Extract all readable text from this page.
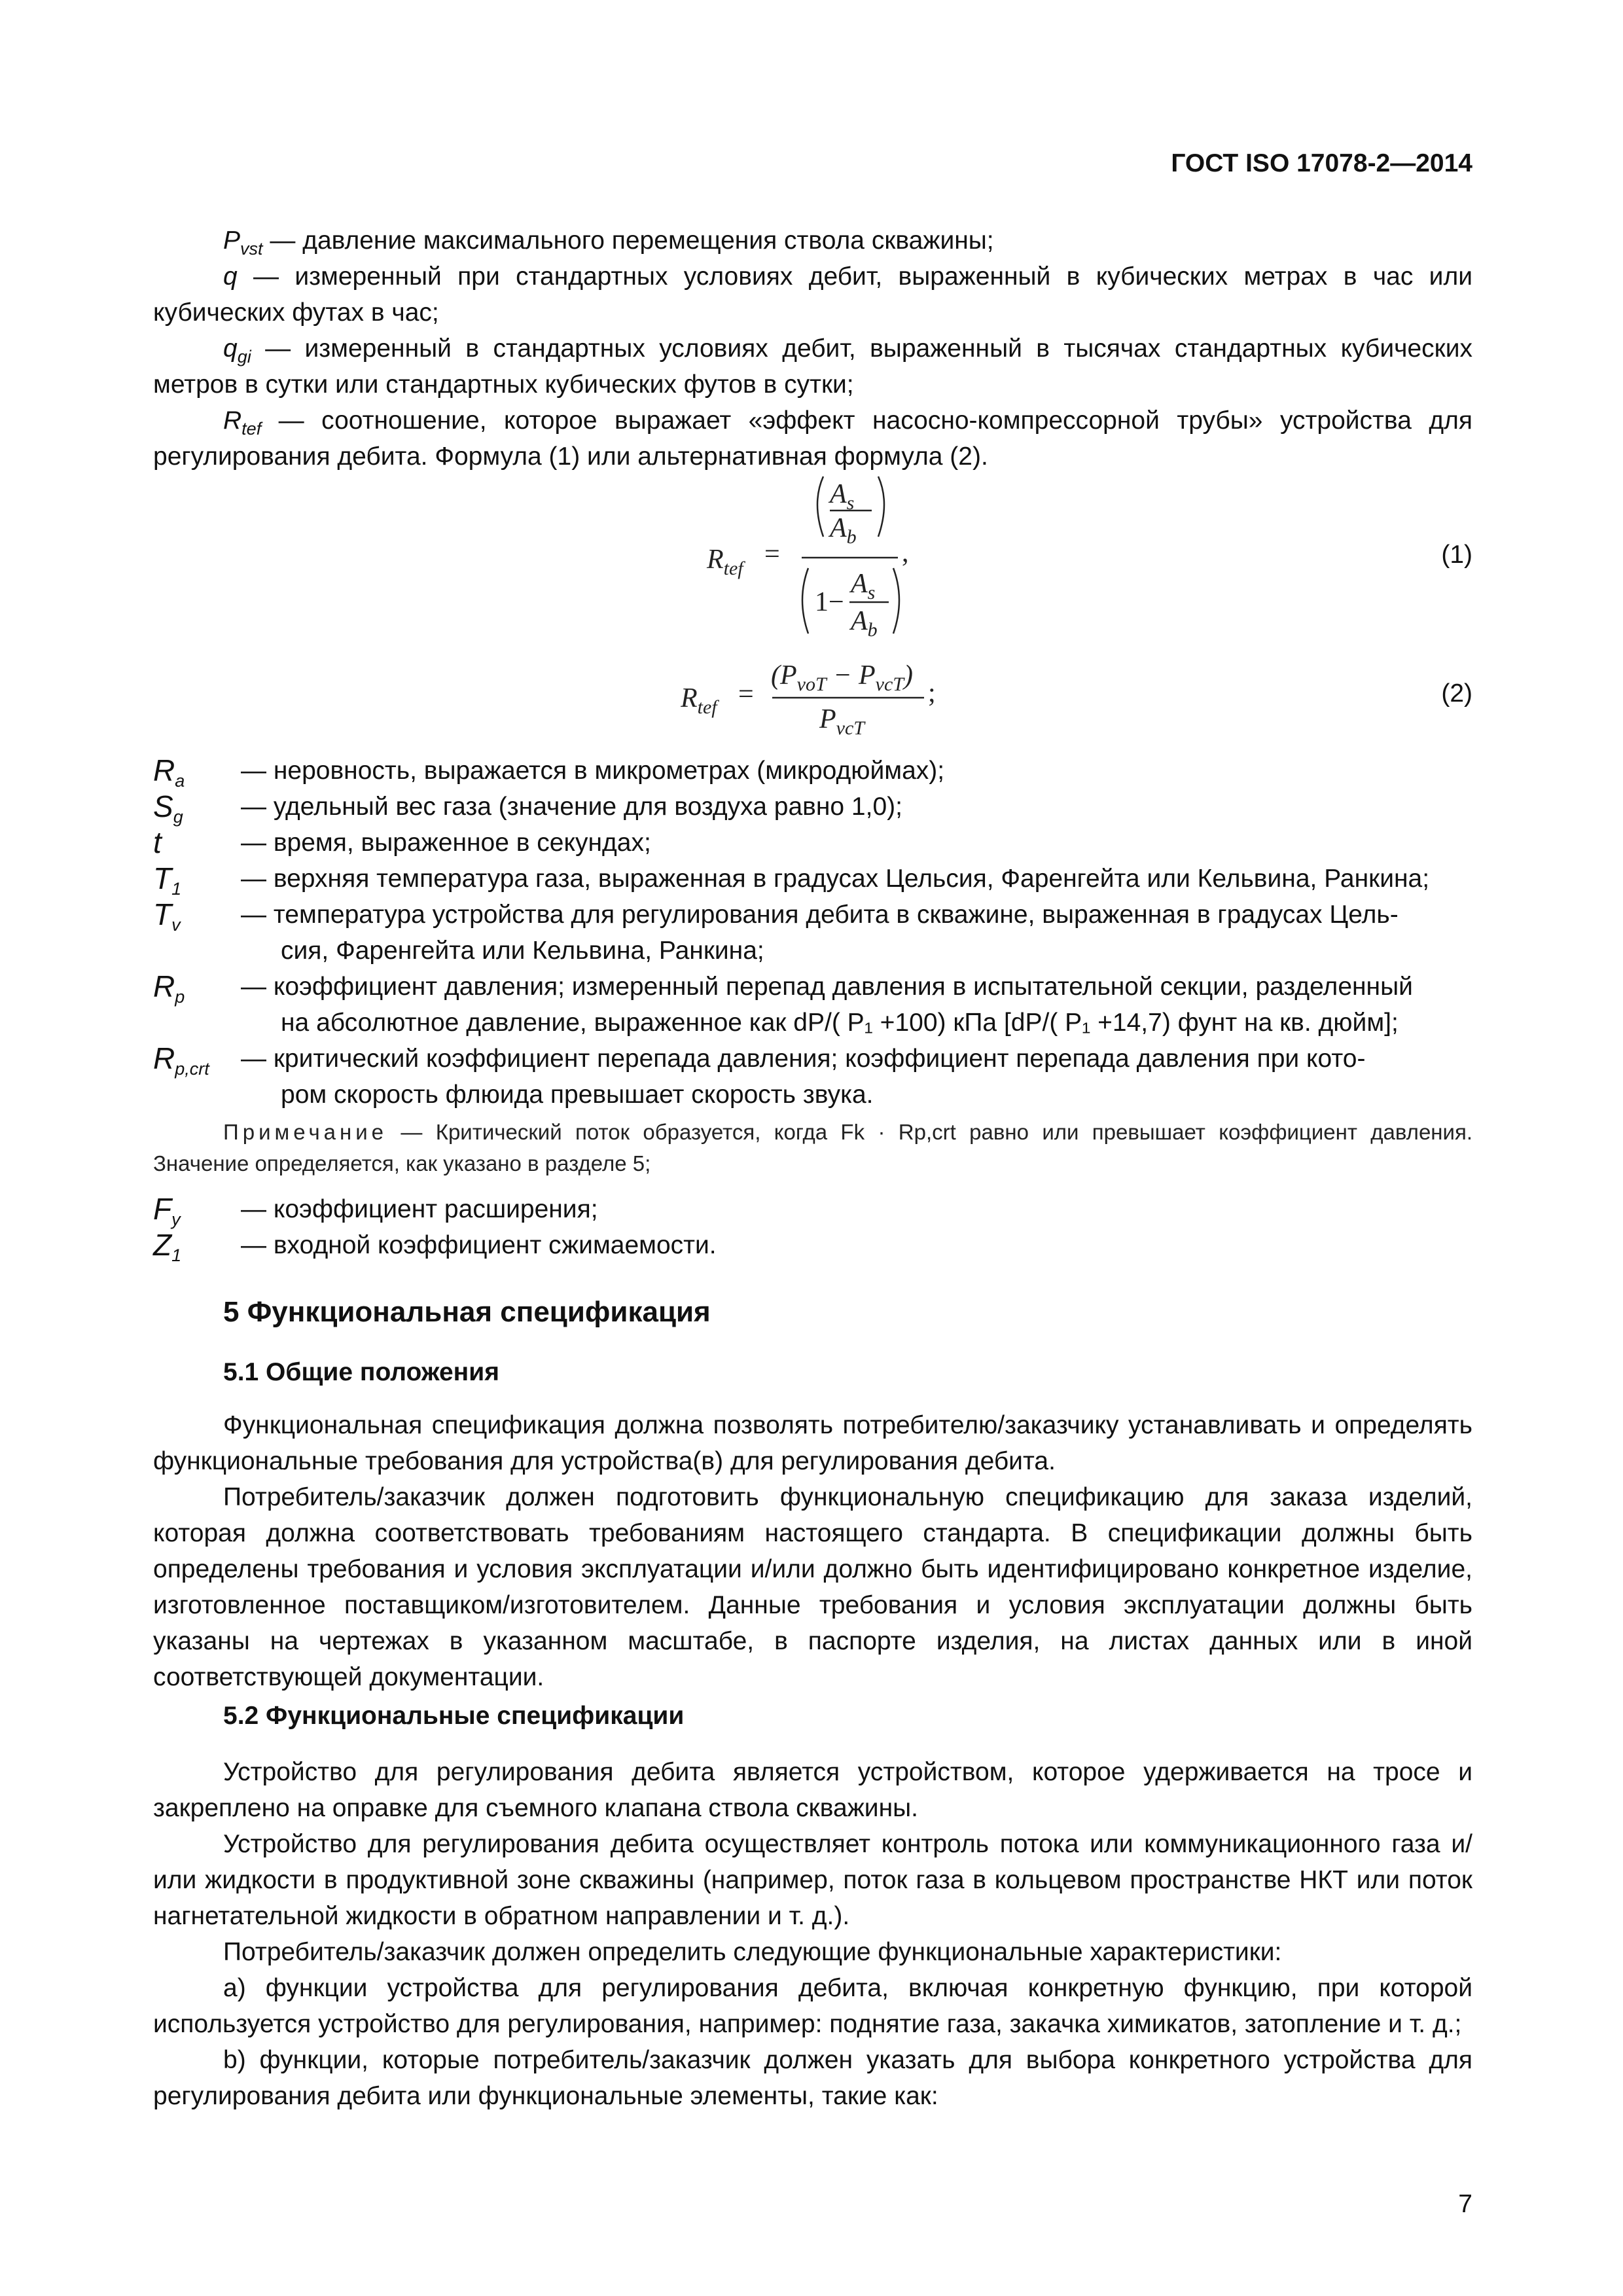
ГОСТ ISO 17078-2—2014

$P_{vst}$ — давление максимального перемещения ствола скважины;

q — измеренный при стандартных условиях дебит, выраженный в кубических метрах в час или кубических футах в час;

$q_{gi}$ — измеренный в стандартных условиях дебит, выраженный в тысячах стандартных кубических метров в сутки или стандартных кубических футов в сутки;

$R_{tef}$ — соотношение, которое выражает «эффект насосно-компрессорной трубы» устройства для регулирования дебита. Формула (1) или альтернативная формула (2).

$R_{tef}$ =
$A_s$
$A_b$
,
1−
$A_s$
$A_b$
(1)
$R_{tef}$ =
$(P_{voT} - P_{vcT})$
;
$P_{vcT}$
(2)
$R_a$	— неровность, выражается в микрометрах (микродюймах);
$S_g$	— удельный вес газа (значение для воздуха равно 1,0);
t	— время, выраженное в секундах;
$T_1$	— верхняя температура газа, выраженная в градусах Цельсия, Фаренгейта или Кельвина, Ранкина;
$T_v$	— температура устройства для регулирования дебита в скважине, выраженная в градусах Цель-
сия, Фаренгейта или Кельвина, Ранкина;
$R_p$	— коэффициент давления; измеренный перепад давления в испытательной секции, разделенный
на абсолютное давление, выраженное как dP/( P₁ +100) кПа [dP/( P₁ +14,7) фунт на кв. дюйм];
$R_{p,crt}$	— критический коэффициент перепада давления; коэффициент перепада давления при кото-
ром скорость флюида превышает скорость звука.
Примечание — Критический поток образуется, когда Fk · Rp,crt равно или превышает коэффициент давления. Значение определяется, как указано в разделе 5;
$F_y$	— коэффициент расширения;
$Z_1$	— входной коэффициент сжимаемости.
5 Функциональная спецификация
5.1 Общие положения

Функциональная спецификация должна позволять потребителю/заказчику устанавливать и определять функциональные требования для устройства(в) для регулирования дебита.

Потребитель/заказчик должен подготовить функциональную спецификацию для заказа изделий, которая должна соответствовать требованиям настоящего стандарта. В спецификации должны быть определены требования и условия эксплуатации и/или должно быть идентифицировано конкретное изделие, изготовленное поставщиком/изготовителем. Данные требования и условия эксплуатации должны быть указаны на чертежах в указанном масштабе, в паспорте изделия, на листах данных или в иной соответствующей документации.

5.2 Функциональные спецификации

Устройство для регулирования дебита является устройством, которое удерживается на тросе и закреплено на оправке для съемного клапана ствола скважины.

Устройство для регулирования дебита осуществляет контроль потока или коммуникационного газа и/или жидкости в продуктивной зоне скважины (например, поток газа в кольцевом пространстве НКТ или поток нагнетательной жидкости в обратном направлении и т. д.).

Потребитель/заказчик должен определить следующие функциональные характеристики:

a) функции устройства для регулирования дебита, включая конкретную функцию, при которой используется устройство для регулирования, например: поднятие газа, закачка химикатов, затопление и т. д.;

b) функции, которые потребитель/заказчик должен указать для выбора конкретного устройства для регулирования дебита или функциональные элементы, такие как:

7
